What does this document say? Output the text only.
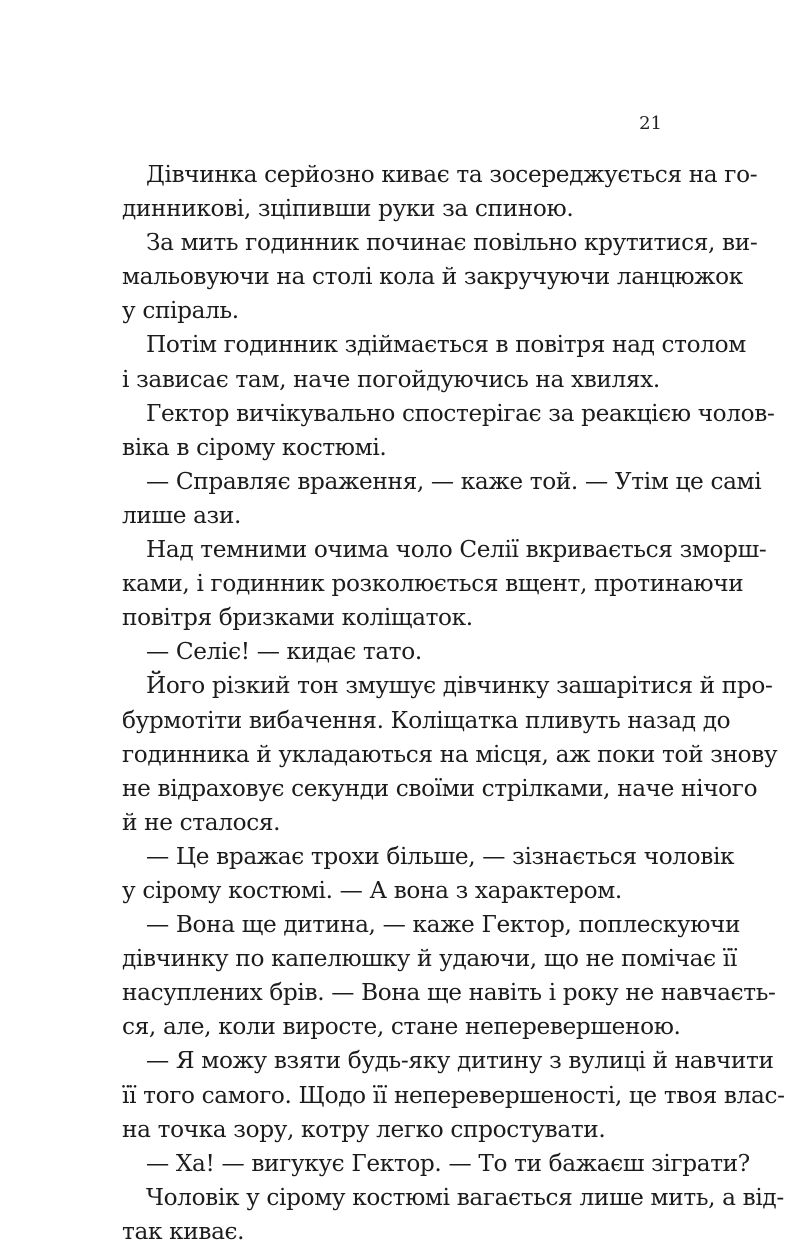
21
Дівчинка серйозно киває та зосереджується на го-
динникові, зціпивши руки за спиною.
За мить годинник починає повільно крутитися, ви-
мальовуючи на столі кола й закручуючи ланцюжок
у спіраль.
Потім годинник здіймається в повітря над столом
і зависає там, наче погойдуючись на хвилях.
Гектор вичікувально спостерігає за реакцією чолов-
віка в сірому костюмі.
— Справляє враження, — каже той. — Утім це самі
лише ази.
Над темними очима чоло Селії вкривається зморш-
ками, і годинник розколюється вщент, протинаючи
повітря бризками коліщаток.
— Селіє! — кидає тато.
Його різкий тон змушує дівчинку зашарітися й про-
бурмотіти вибачення. Коліщатка пливуть назад до
годинника й укладаються на місця, аж поки той знову
не відраховує секунди своїми стрілками, наче нічого
й не сталося.
— Це вражає трохи більше, — зізнається чоловік
у сірому костюмі. — А вона з характером.
— Вона ще дитина, — каже Гектор, поплескуючи
дівчинку по капелюшку й удаючи, що не помічає її
насуплених брів. — Вона ще навіть і року не навчаєть-
ся, але, коли виросте, стане неперевершеною.
— Я можу взяти будь-яку дитину з вулиці й навчити
її того самого. Щодо її неперевершеності, це твоя влас-
на точка зору, котру легко спростувати.
— Ха! — вигукує Гектор. — То ти бажаєш зіграти?
Чоловік у сірому костюмі вагається лише мить, а від-
так киває.
